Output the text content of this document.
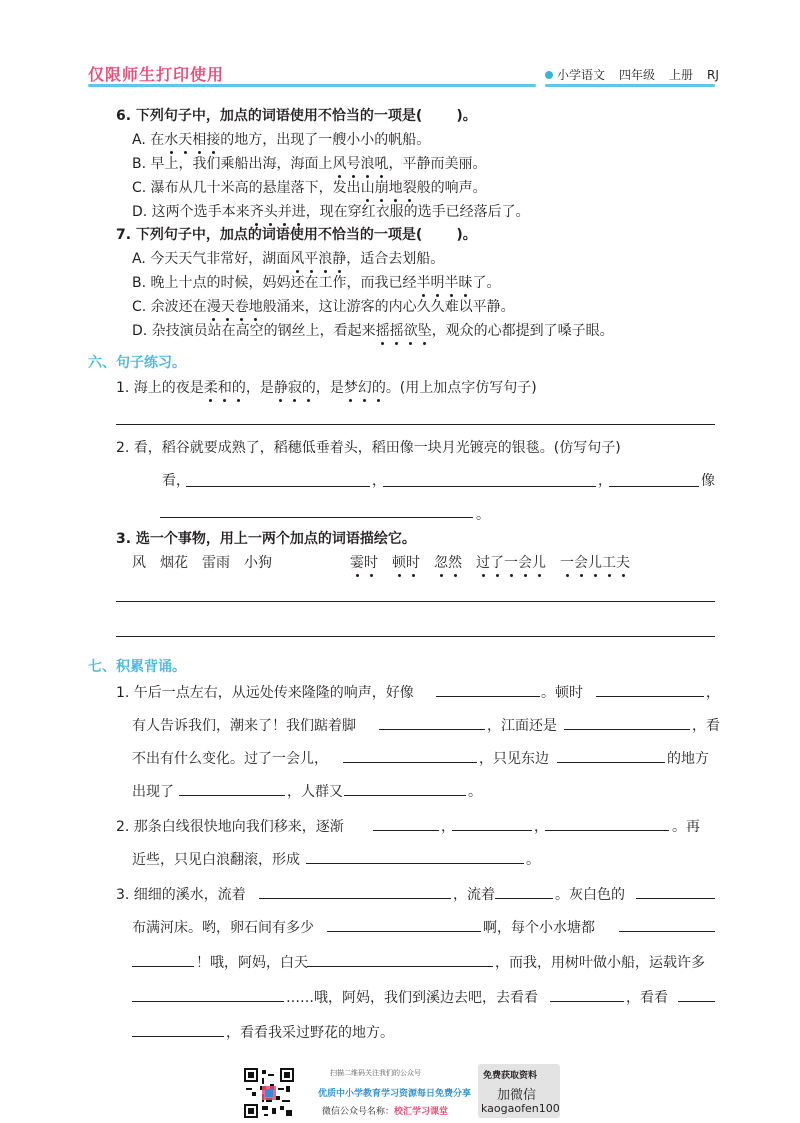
仅限师生打印使用	小学语文 四年级 上册 RJ
6. 下列句子中，加点的词语使用不恰当的一项是( )。
A. 在水天相接的地方，出现了一艘小小的帆船。
B. 早上，我们乘船出海，海面上风号浪吼，平静而美丽。
C. 瀑布从几十米高的悬崖落下，发出山崩地裂般的响声。
D. 这两个选手本来齐头并进，现在穿红衣服的选手已经落后了。
7. 下列句子中，加点的词语使用不恰当的一项是( )。
A. 今天天气非常好，湖面风平浪静，适合去划船。
B. 晚上十点的时候，妈妈还在工作，而我已经半明半昧了。
C. 余波还在漫天卷地般涌来，这让游客的内心久久难以平静。
D. 杂技演员站在高空的钢丝上，看起来摇摇欲坠，观众的心都提到了嗓子眼。
六、句子练习。
1. 海上的夜是柔和的，是静寂的，是梦幻的。(用上加点字仿写句子)
2. 看，稻谷就要成熟了，稻穗低垂着头，稻田像一块月光镀亮的银毯。(仿写句子)
看，	，	，	像
。
3. 选一个事物，用上一两个加点的词语描绘它。
风　烟花　雷雨　小狗	霎时 顿时 忽然 过了一会儿 一会儿工夫
七、积累背诵。
1. 午后一点左右，从远处传来隆隆的响声，好像	。顿时	，
有人告诉我们，潮来了！我们踮着脚	，江面还是	，看
不出有什么变化。过了一会儿，	，只见东边	的地方
出现了	，人群又	。
2. 那条白线很快地向我们移来，逐渐	，	，	。再
近些，只见白浪翻滚，形成	。
3. 细细的溪水，流着	，流着	。灰白色的
布满河床。哟，卵石间有多少	啊，每个小水塘都
！哦，阿妈，白天	，而我，用树叶做小船，运载许多
……哦，阿妈，我们到溪边去吧，去看看	，看看
，看看我采过野花的地方。
扫描二维码关注我们的公众号
优质中小学教育学习资源每日免费分享
微信公众号名称：校汇学习课堂
免费获取资料
加微信
kaogaofen100
